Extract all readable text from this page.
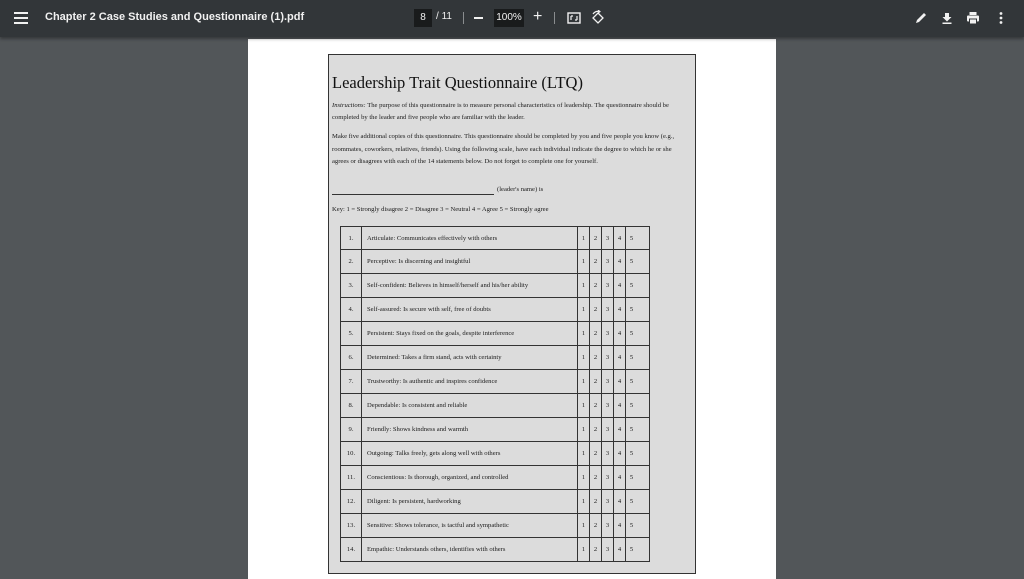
Chapter 2 Case Studies and Questionnaire (1).pdf	8	/ 11	100% +
Leadership Trait Questionnaire (LTQ)
Instructions: The purpose of this questionnaire is to measure personal characteristics of leadership. The questionnaire should be completed by the leader and five people who are familiar with the leader.
Make five additional copies of this questionnaire. This questionnaire should be completed by you and five people you know (e.g., roommates, coworkers, relatives, friends). Using the following scale, have each individual indicate the degree to which he or she agrees or disagrees with each of the 14 statements below. Do not forget to complete one for yourself.
(leader's name) is
Key: 1 = Strongly disagree 2 = Disagree 3 = Neutral 4 = Agree 5 = Strongly agree
1.	Articulate: Communicates effectively with others	1	2	3	4	5
2.	Perceptive: Is discerning and insightful	1	2	3	4	5
3.	Self-confident: Believes in himself/herself and his/her ability	1	2	3	4	5
4.	Self-assured: Is secure with self, free of doubts	1	2	3	4	5
5.	Persistent: Stays fixed on the goals, despite interference	1	2	3	4	5
6.	Determined: Takes a firm stand, acts with certainty	1	2	3	4	5
7.	Trustworthy: Is authentic and inspires confidence	1	2	3	4	5
8.	Dependable: Is consistent and reliable	1	2	3	4	5
9.	Friendly: Shows kindness and warmth	1	2	3	4	5
10.	Outgoing: Talks freely, gets along well with others	1	2	3	4	5
11.	Conscientious: Is thorough, organized, and controlled	1	2	3	4	5
12.	Diligent: Is persistent, hardworking	1	2	3	4	5
13.	Sensitive: Shows tolerance, is tactful and sympathetic	1	2	3	4	5
14.	Empathic: Understands others, identifies with others	1	2	3	4	5
